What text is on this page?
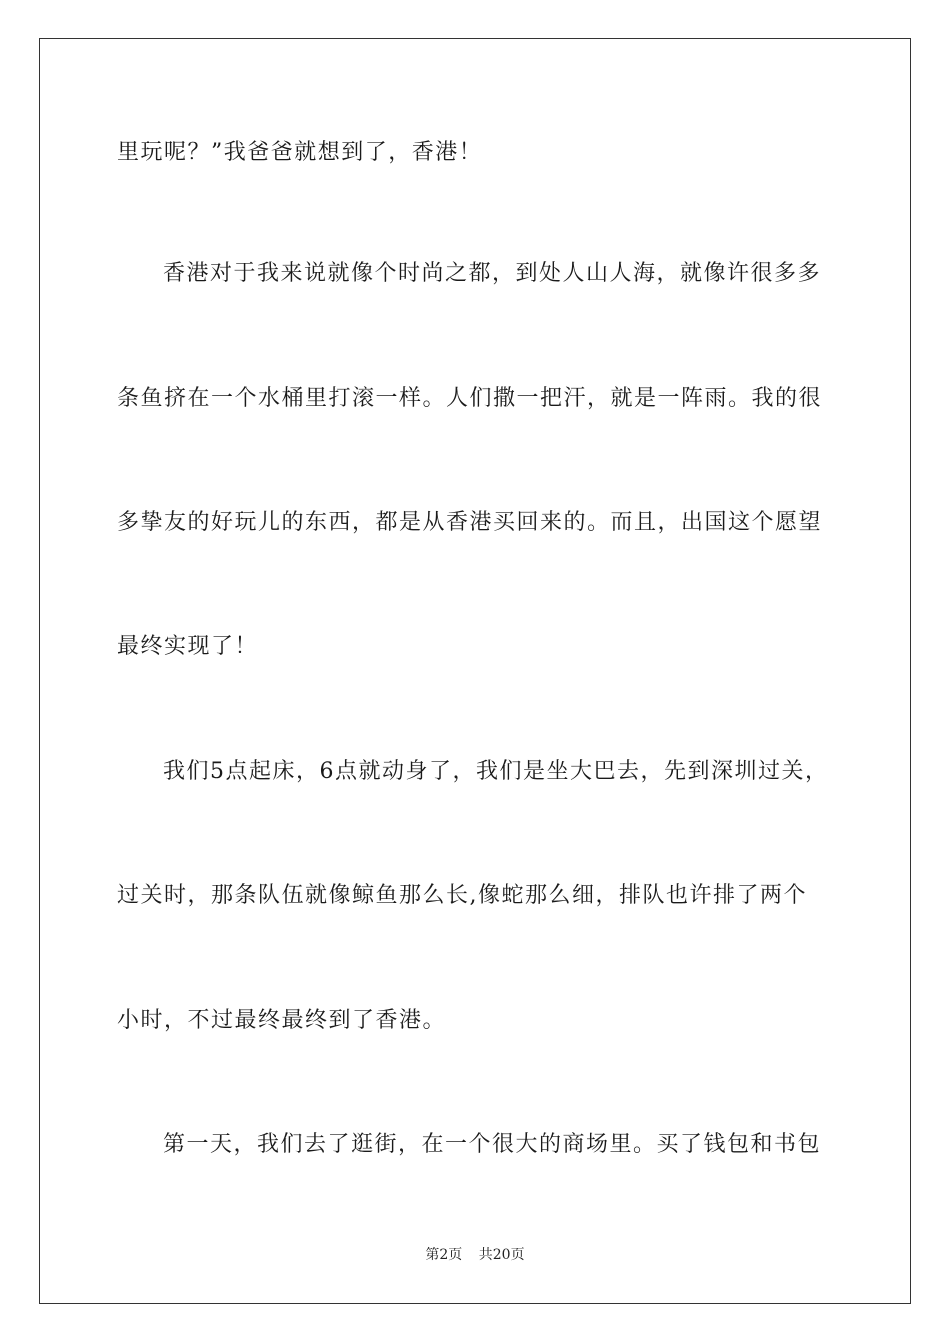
里玩呢？”我爸爸就想到了，香港！
香港对于我来说就像个时尚之都，到处人山人海，就像许很多多
条鱼挤在一个水桶里打滚一样。人们撒一把汗，就是一阵雨。我的很
多挚友的好玩儿的东西，都是从香港买回来的。而且，出国这个愿望
最终实现了！
我们5点起床，6点就动身了，我们是坐大巴去，先到深圳过关，
过关时，那条队伍就像鲸鱼那么长,像蛇那么细，排队也许排了两个
小时，不过最终最终到了香港。
第一天，我们去了逛街，在一个很大的商场里。买了钱包和书包
第2页 共20页
